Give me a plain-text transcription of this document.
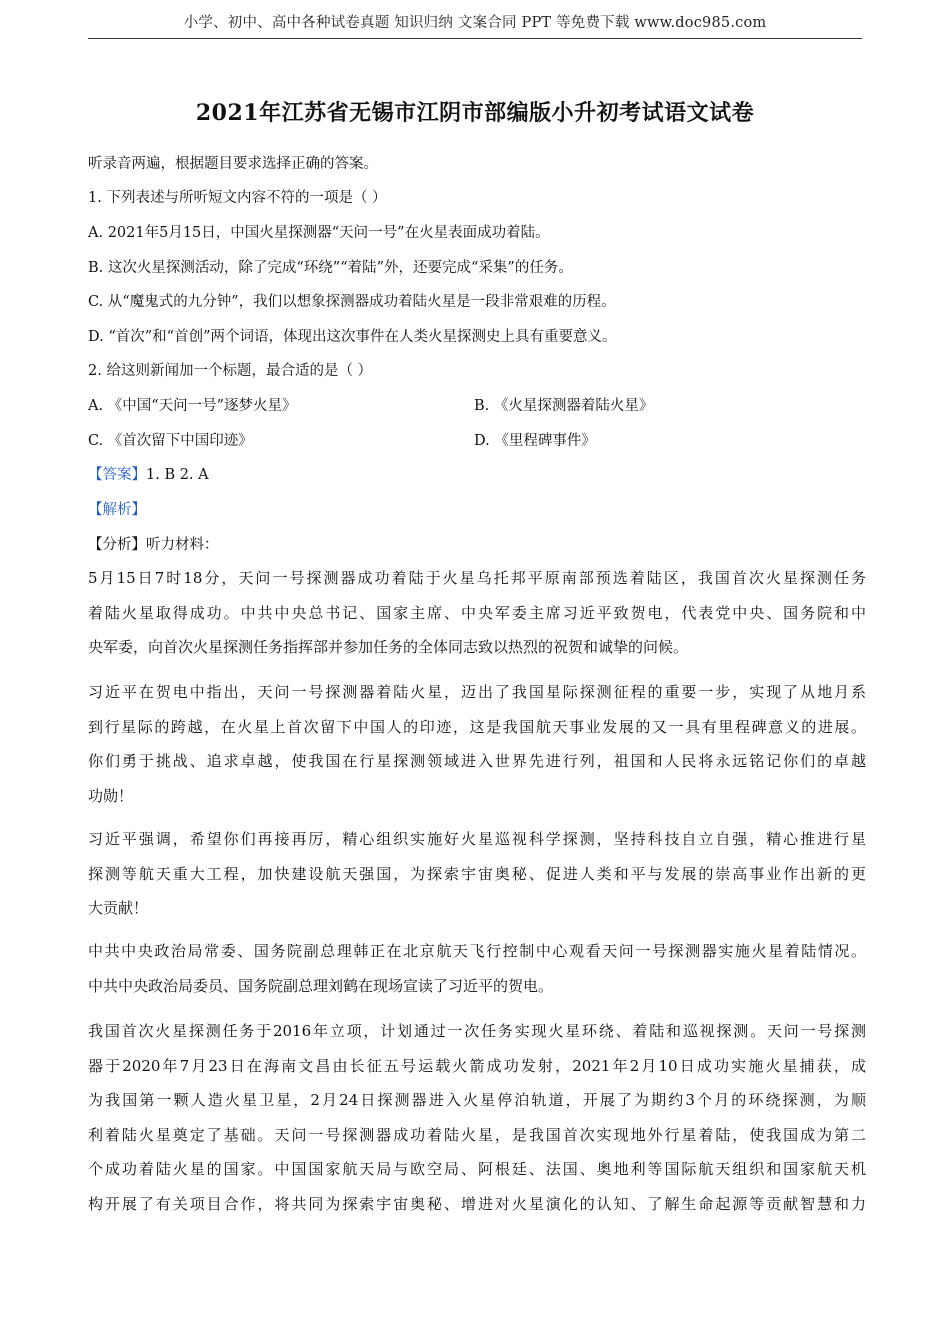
小学、初中、高中各种试卷真题 知识归纳 文案合同 PPT 等免费下载 www.doc985.com
2021年江苏省无锡市江阴市部编版小升初考试语文试卷
听录音两遍，根据题目要求选择正确的答案。
1. 下列表述与所听短文内容不符的一项是（ ）
A. 2021年5月15日，中国火星探测器“天问一号”在火星表面成功着陆。
B. 这次火星探测活动，除了完成“环绕”“着陆”外，还要完成“采集”的任务。
C. 从“魔鬼式的九分钟”，我们以想象探测器成功着陆火星是一段非常艰难的历程。
D. “首次”和“首创”两个词语，体现出这次事件在人类火星探测史上具有重要意义。
2. 给这则新闻加一个标题，最合适的是（ ）
A. 《中国“天问一号”逐梦火星》	B. 《火星探测器着陆火星》
C. 《首次留下中国印迹》	D. 《里程碑事件》
【答案】1. B 2. A
【解析】
【分析】听力材料：
5月15日7时18分，天问一号探测器成功着陆于火星乌托邦平原南部预选着陆区，我国首次火星探测任务
着陆火星取得成功。中共中央总书记、国家主席、中央军委主席习近平致贺电，代表党中央、国务院和中
央军委，向首次火星探测任务指挥部并参加任务的全体同志致以热烈的祝贺和诚挚的问候。
习近平在贺电中指出，天问一号探测器着陆火星，迈出了我国星际探测征程的重要一步，实现了从地月系
到行星际的跨越，在火星上首次留下中国人的印迹，这是我国航天事业发展的又一具有里程碑意义的进展。
你们勇于挑战、追求卓越，使我国在行星探测领域进入世界先进行列，祖国和人民将永远铭记你们的卓越
功勋！
习近平强调，希望你们再接再厉，精心组织实施好火星巡视科学探测，坚持科技自立自强，精心推进行星
探测等航天重大工程，加快建设航天强国，为探索宇宙奥秘、促进人类和平与发展的崇高事业作出新的更
大贡献！
中共中央政治局常委、国务院副总理韩正在北京航天飞行控制中心观看天问一号探测器实施火星着陆情况。
中共中央政治局委员、国务院副总理刘鹤在现场宣读了习近平的贺电。
我国首次火星探测任务于2016年立项，计划通过一次任务实现火星环绕、着陆和巡视探测。天问一号探测
器于2020年7月23日在海南文昌由长征五号运载火箭成功发射，2021年2月10日成功实施火星捕获，成
为我国第一颗人造火星卫星，2月24日探测器进入火星停泊轨道，开展了为期约3个月的环绕探测，为顺
利着陆火星奠定了基础。天问一号探测器成功着陆火星，是我国首次实现地外行星着陆，使我国成为第二
个成功着陆火星的国家。中国国家航天局与欧空局、阿根廷、法国、奥地利等国际航天组织和国家航天机
构开展了有关项目合作，将共同为探索宇宙奥秘、增进对火星演化的认知、了解生命起源等贡献智慧和力
